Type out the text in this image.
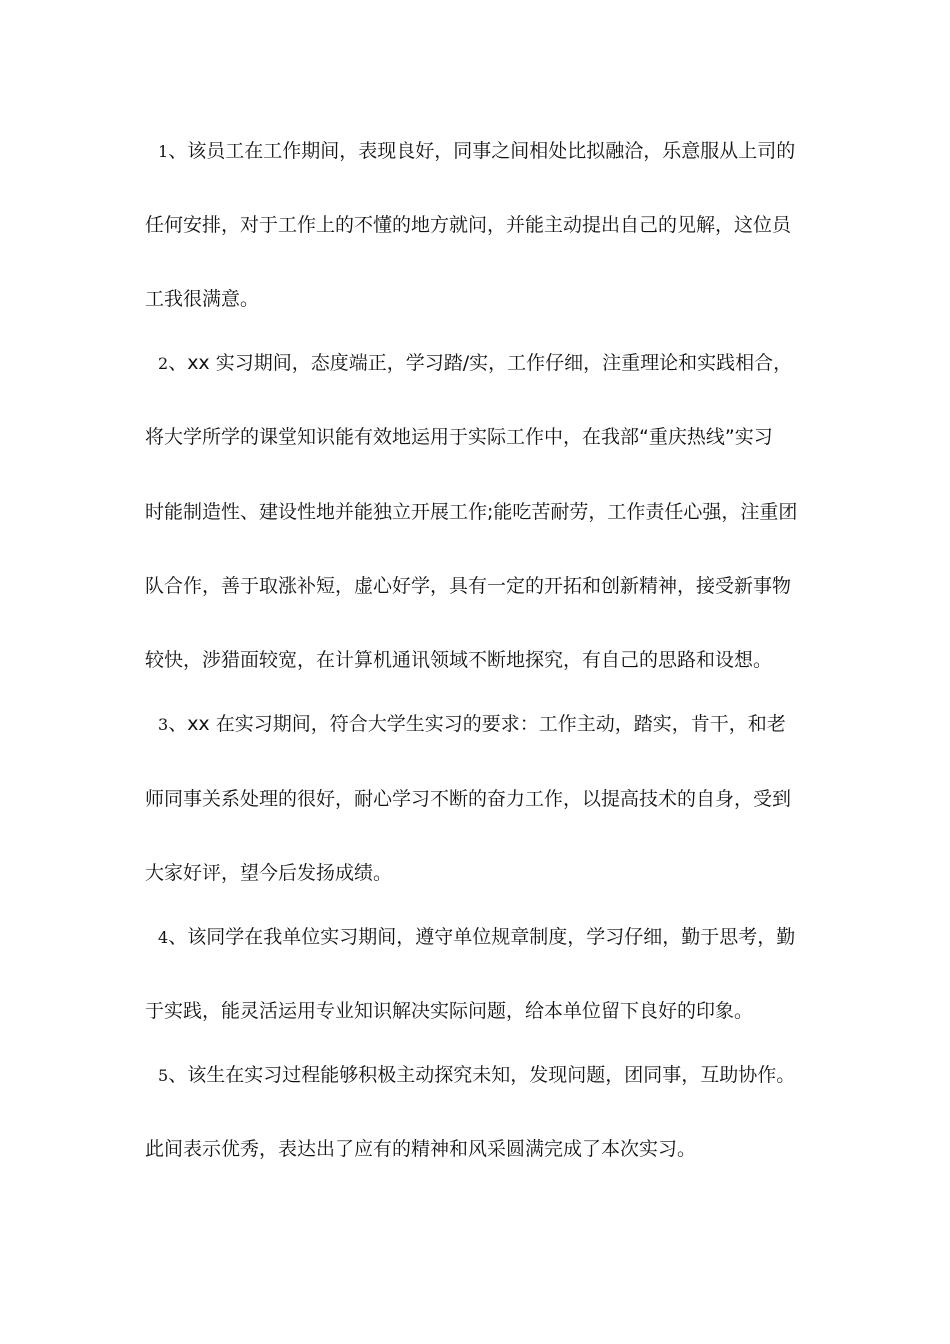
1、该员工在工作期间，表现良好，同事之间相处比拟融洽，乐意服从上司的
任何安排，对于工作上的不懂的地方就问，并能主动提出自己的见解，这位员
工我很满意。
2、xx 实习期间，态度端正，学习踏/实，工作仔细，注重理论和实践相合，
将大学所学的课堂知识能有效地运用于实际工作中，在我部“重庆热线”实习
时能制造性、建设性地并能独立开展工作;能吃苦耐劳，工作责任心强，注重团
队合作，善于取涨补短，虚心好学，具有一定的开拓和创新精神，接受新事物
较快，涉猎面较宽，在计算机通讯领域不断地探究，有自己的思路和设想。
3、xx 在实习期间，符合大学生实习的要求：工作主动，踏实，肯干，和老
师同事关系处理的很好，耐心学习不断的奋力工作，以提高技术的自身，受到
大家好评，望今后发扬成绩。
4、该同学在我单位实习期间，遵守单位规章制度，学习仔细，勤于思考，勤
于实践，能灵活运用专业知识解决实际问题，给本单位留下良好的印象。
5、该生在实习过程能够积极主动探究未知，发现问题，团同事，互助协作。
此间表示优秀，表达出了应有的精神和风采圆满完成了本次实习。
